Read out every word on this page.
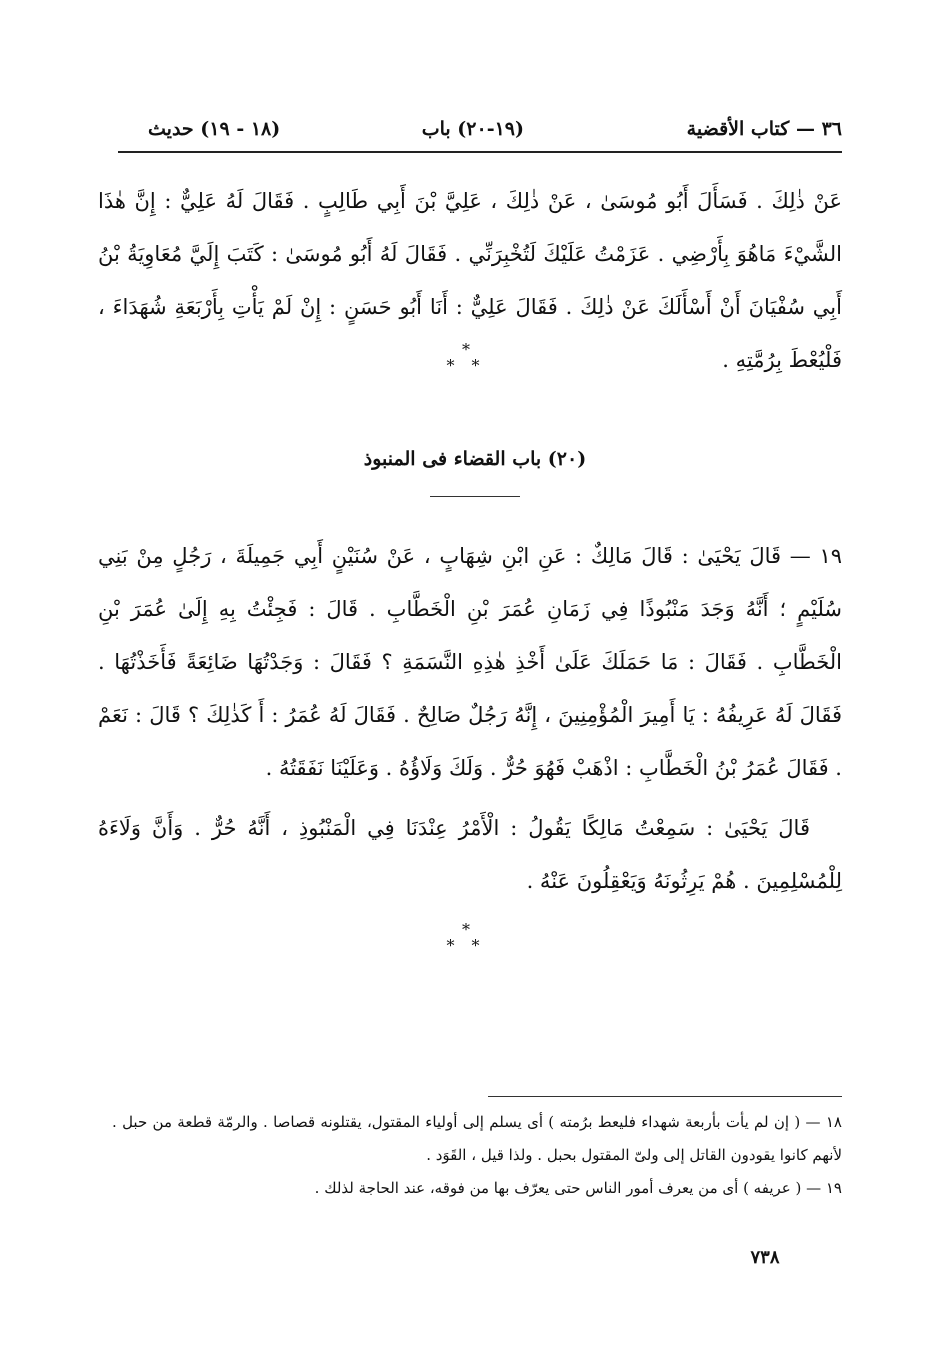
٣٦ — كتاب الأقضية
(١٩-٢٠) باب
(١٨ - ١٩) حديث
عَنْ ذٰلِكَ . فَسَأَلَ أَبُو مُوسَىٰ ، عَنْ ذٰلِكَ ، عَلِيَّ بْنَ أَبِي طَالِبٍ . فَقَالَ لَهُ عَلِيٌّ : إِنَّ هٰذَا الشَّيْءَ مَاهُوَ بِأَرْضِي . عَزَمْتُ عَلَيْكَ لَتُخْبِرَنِّي . فَقَالَ لَهُ أَبُو مُوسَىٰ : كَتَبَ إِلَيَّ مُعَاوِيَةُ بْنُ أَبِي سُفْيَانَ أَنْ أَسْأَلَكَ عَنْ ذٰلِكَ . فَقَالَ عَلِيٌّ : أَنَا أَبُو حَسَنٍ : إِنْ لَمْ يَأْتِ بِأَرْبَعَةِ شُهَدَاءَ ، فَلْيُعْطَ بِرُمَّتِهِ .
*
* *
(٢٠) باب القضاء فى المنبوذ
١٩ — قَالَ يَحْيَىٰ : قَالَ مَالِكٌ : عَنِ ابْنِ شِهَابٍ ، عَنْ سُنَيْنٍ أَبِي جَمِيلَةَ ، رَجُلٍ مِنْ بَنِي سُلَيْمٍ ؛ أَنَّهُ وَجَدَ مَنْبُوذًا فِي زَمَانِ عُمَرَ بْنِ الْخَطَّابِ . قَالَ : فَجِئْتُ بِهِ إِلَىٰ عُمَرَ بْنِ الْخَطَّابِ . فَقَالَ : مَا حَمَلَكَ عَلَىٰ أَخْذِ هٰذِهِ النَّسَمَةِ ؟ فَقَالَ : وَجَدْتُهَا ضَائِعَةً فَأَخَذْتُهَا . فَقَالَ لَهُ عَرِيفُهُ : يَا أَمِيرَ الْمُؤْمِنِينَ ، إِنَّهُ رَجُلٌ صَالِحٌ . فَقَالَ لَهُ عُمَرُ : أَ كَذٰلِكَ ؟ قَالَ : نَعَمْ . فَقَالَ عُمَرُ بْنُ الْخَطَّابِ : اذْهَبْ فَهُوَ حُرٌّ . وَلَكَ وَلَاؤُهُ . وَعَلَيْنَا نَفَقَتُهُ .
قَالَ يَحْيَىٰ : سَمِعْتُ مَالِكًا يَقُولُ : الْأَمْرُ عِنْدَنَا فِي الْمَنْبُوذِ ، أَنَّهُ حُرٌّ . وَأَنَّ وَلَاءَهُ لِلْمُسْلِمِينَ . هُمْ يَرِثُونَهُ وَيَعْقِلُونَ عَنْهُ .
*
* *

١٨ — ( إن لم يأت بأربعة شهداء فليعط برُمته ) أى يسلم إلى أولياء المقتول، يقتلونه قصاصا . والرمّة قطعة من حبل . لأنهم كانوا يقودون القاتل إلى ولىّ المقتول بحبل . ولذا قيل ، القَوَد .

١٩ — ( عريفه ) أى من يعرف أمور الناس حتى يعرّف بها من فوقه، عند الحاجة لذلك .

٧٣٨
